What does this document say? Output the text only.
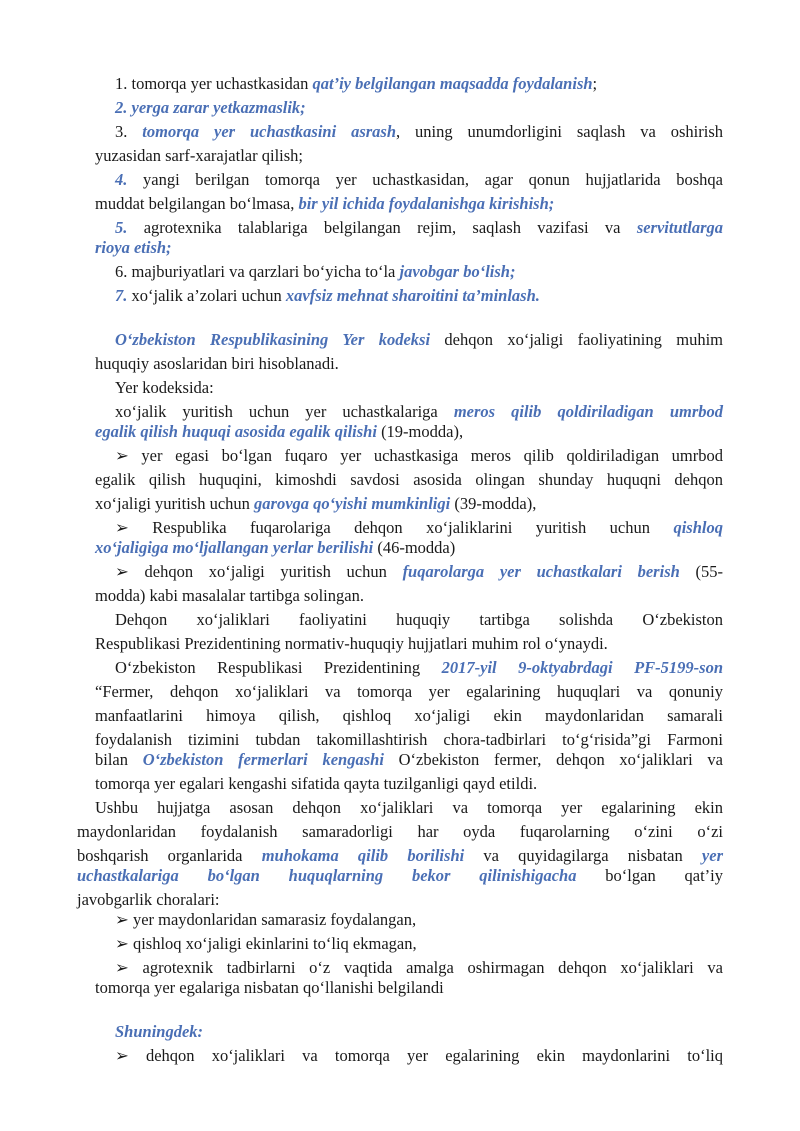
1. tomorqa yer uchastkasidan qat’iy belgilangan maqsadda foydalanish;
2. yerga zarar yetkazmaslik;
3. tomorqa yer uchastkasini asrash, uning unumdorligini saqlash va oshirish
yuzasidan sarf-xarajatlar qilish;
4. yangi berilgan tomorqa yer uchastkasidan, agar qonun hujjatlarida boshqa
muddat belgilangan bo‘lmasa, bir yil ichida foydalanishga kirishish;
5. agrotexnika talablariga belgilangan rejim, saqlash vazifasi va servitutlarga
rioya etish;
6. majburiyatlari va qarzlari bo‘yicha to‘la javobgar bo‘lish;
7. xo‘jalik a’zolari uchun xavfsiz mehnat sharoitini ta’minlash.
O‘zbekiston Respublikasining Yer kodeksi dehqon xo‘jaligi faoliyatining muhim
huquqiy asoslaridan biri hisoblanadi.
Yer kodeksida:
xo‘jalik yuritish uchun yer uchastkalariga meros qilib qoldiriladigan umrbod
egalik qilish huquqi asosida egalik qilishi (19-modda),
➢ yer egasi bo‘lgan fuqaro yer uchastkasiga meros qilib qoldiriladigan umrbod
egalik qilish huquqini, kimoshdi savdosi asosida olingan shunday huquqni dehqon
xo‘jaligi yuritish uchun garovga qo‘yishi mumkinligi (39-modda),
➢ Respublika fuqarolariga dehqon xo‘jaliklarini yuritish uchun qishloq
xo‘jaligiga mo‘ljallangan yerlar berilishi (46-modda)
➢ dehqon xo‘jaligi yuritish uchun fuqarolarga yer uchastkalari berish (55-
modda) kabi masalalar tartibga solingan.
Dehqon xo‘jaliklari faoliyatini huquqiy tartibga solishda O‘zbekiston
Respublikasi Prezidentining normativ-huquqiy hujjatlari muhim rol o‘ynaydi.
O‘zbekiston Respublikasi Prezidentining 2017-yil 9-oktyabrdagi PF-5199-son
“Fermer, dehqon xo‘jaliklari va tomorqa yer egalarining huquqlari va qonuniy
manfaatlarini himoya qilish, qishloq xo‘jaligi ekin maydonlaridan samarali
foydalanish tizimini tubdan takomillashtirish chora-tadbirlari to‘g‘risida”gi Farmoni
bilan O‘zbekiston fermerlari kengashi O‘zbekiston fermer, dehqon xo‘jaliklari va
tomorqa yer egalari kengashi sifatida qayta tuzilganligi qayd etildi.
Ushbu hujjatga asosan dehqon xo‘jaliklari va tomorqa yer egalarining ekin
maydonlaridan foydalanish samaradorligi har oyda fuqarolarning o‘zini o‘zi
boshqarish organlarida muhokama qilib borilishi va quyidagilarga nisbatan yer
uchastkalariga bo‘lgan huquqlarning bekor qilinishigacha bo‘lgan qat’iy
javobgarlik choralari:
➢ yer maydonlaridan samarasiz foydalangan,
➢ qishloq xo‘jaligi ekinlarini to‘liq ekmagan,
➢ agrotexnik tadbirlarni o‘z vaqtida amalga oshirmagan dehqon xo‘jaliklari va
tomorqa yer egalariga nisbatan qo‘llanishi belgilandi
Shuningdek:
➢ dehqon xo‘jaliklari va tomorqa yer egalarining ekin maydonlarini to‘liq
